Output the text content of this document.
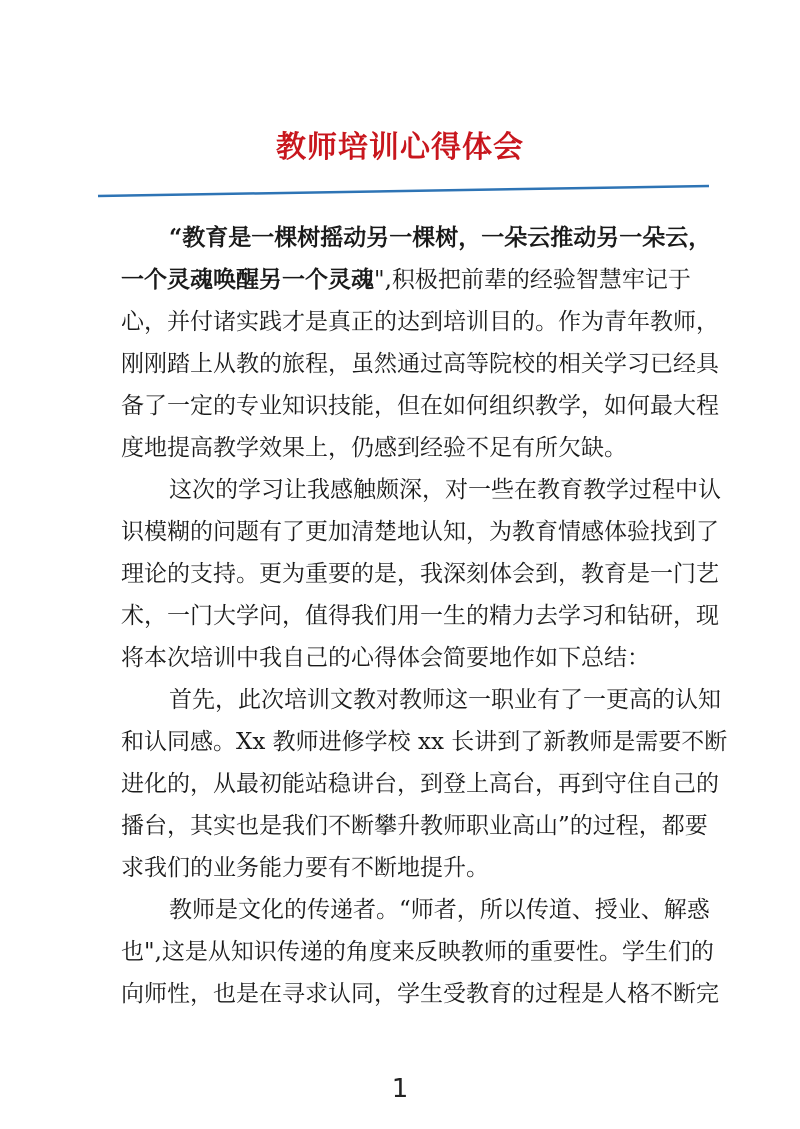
教师培训心得体会
“教育是一棵树摇动另一棵树，一朵云推动另一朵云，
一个灵魂唤醒另一个灵魂",积极把前辈的经验智慧牢记于
心，并付诸实践才是真正的达到培训目的。作为青年教师，
刚刚踏上从教的旅程，虽然通过高等院校的相关学习已经具
备了一定的专业知识技能，但在如何组织教学，如何最大程
度地提高教学效果上，仍感到经验不足有所欠缺。
这次的学习让我感触颇深，对一些在教育教学过程中认
识模糊的问题有了更加清楚地认知，为教育情感体验找到了
理论的支持。更为重要的是，我深刻体会到，教育是一门艺
术，一门大学问，值得我们用一生的精力去学习和钻研，现
将本次培训中我自己的心得体会简要地作如下总结：
首先，此次培训文教对教师这一职业有了一更高的认知
和认同感。Xx 教师进修学校 xx 长讲到了新教师是需要不断
进化的，从最初能站稳讲台，到登上高台，再到守住自己的
播台，其实也是我们不断攀升教师职业高山”的过程，都要
求我们的业务能力要有不断地提升。
教师是文化的传递者。“师者，所以传道、授业、解惑
也",这是从知识传递的角度来反映教师的重要性。学生们的
向师性，也是在寻求认同，学生受教育的过程是人格不断完
1
